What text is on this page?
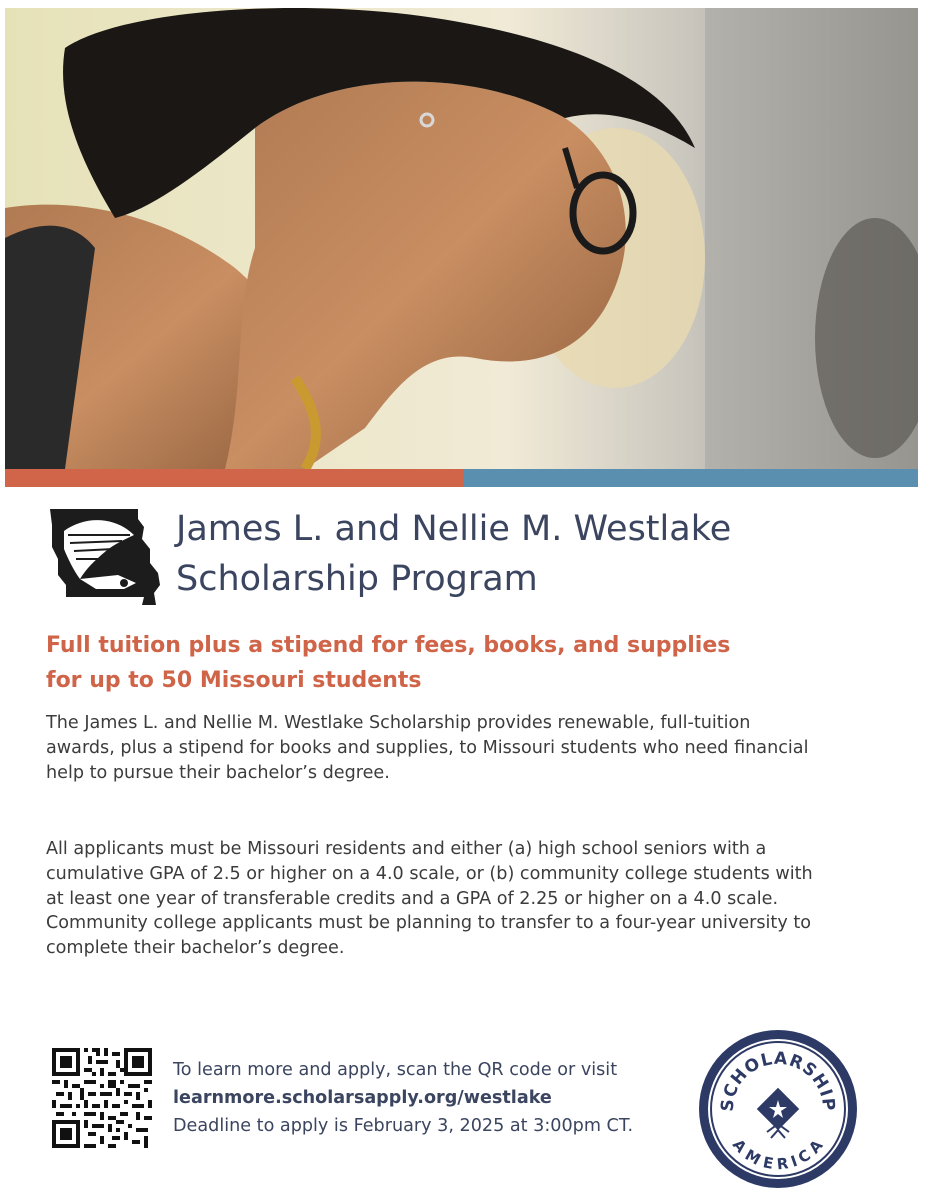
James L. and Nellie M. Westlake
Scholarship Program
Full tuition plus a stipend for fees, books, and supplies
for up to 50 Missouri students

The James L. and Nellie M. Westlake Scholarship provides renewable, full-tuition
awards, plus a stipend for books and supplies, to Missouri students who need financial
help to pursue their bachelor’s degree.

All applicants must be Missouri residents and either (a) high school seniors with a
cumulative GPA of 2.5 or higher on a 4.0 scale, or (b) community college students with
at least one year of transferable credits and a GPA of 2.25 or higher on a 4.0 scale.
Community college applicants must be planning to transfer to a four-year university to
complete their bachelor’s degree.

To learn more and apply, scan the QR code or visit
learnmore.scholarsapply.org/westlake
Deadline to apply is February 3, 2025 at 3:00pm CT.
SCHOLARSHIP
AMERICA
